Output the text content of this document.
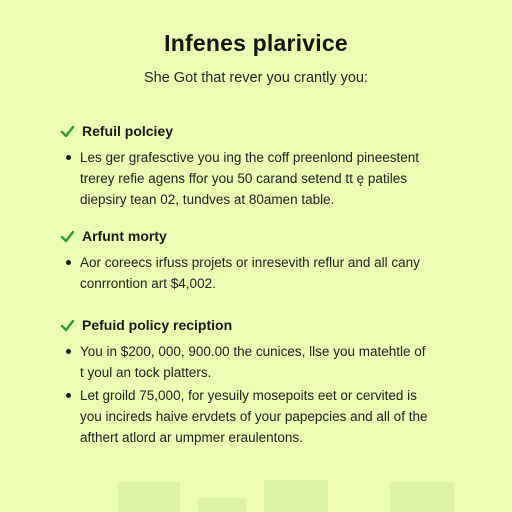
Infenes plarivice
She Got that rever you crantly you:
Refuil polciey
Les ger grafesctive you ing the coff preenlond pineestent
trerey refie agens ffor you 50 carand setend tt ę patiles
diepsiry tean 02, tundves at 80amen table.
Arfunt morty
Aor coreecs irfuss projets or inresevith reflur and all cany
conrrontion art $4,002.
Pefuid policy reciption
You in $200, 000, 900.00 the cunices, llse you matehtle of
t youl an tock platters.
Let groild 75,000, for yesuily mosepoits eet or cervited is
you incireds haive ervdets of your papepcies and all of the
afthert atlord ar umpmer eraulentons.
